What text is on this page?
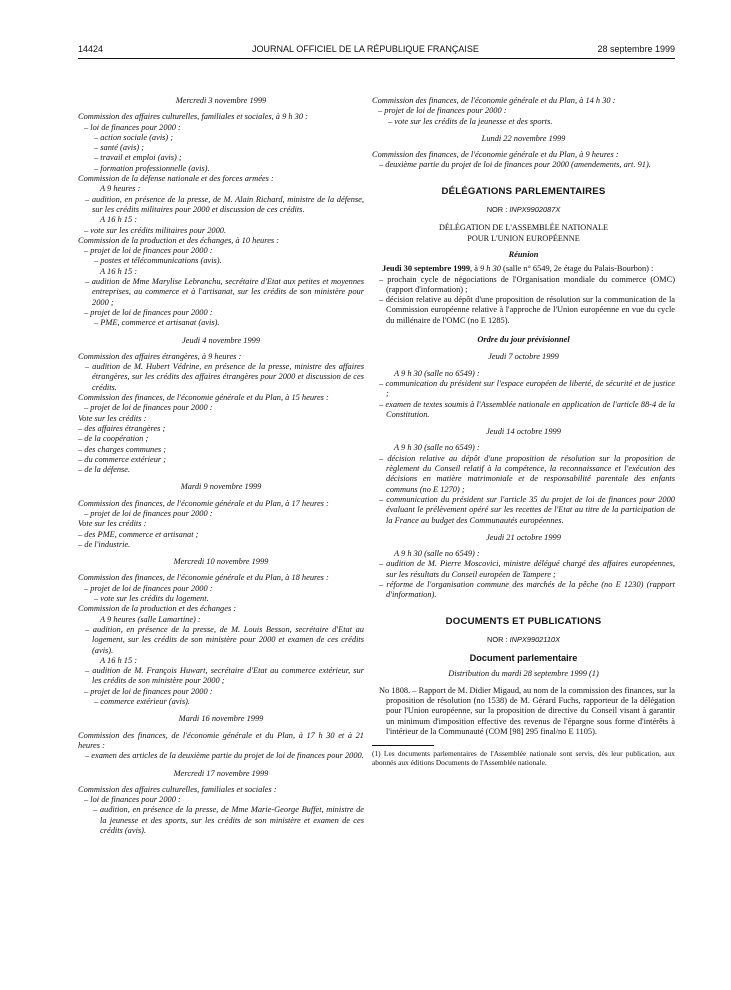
14424	JOURNAL OFFICIEL DE LA RÉPUBLIQUE FRANÇAISE	28 septembre 1999
Mercredi 3 novembre 1999

Commission des affaires culturelles, familiales et sociales, à 9 h 30 :

– loi de finances pour 2000 :

– action sociale (avis) ;

– santé (avis) ;

– travail et emploi (avis) ;

– formation professionnelle (avis).

Commission de la défense nationale et des forces armées :

A 9 heures :

– audition, en présence de la presse, de M. Alain Richard, ministre de la défense, sur les crédits militaires pour 2000 et discussion de ces crédits.

A 16 h 15 :

– vote sur les crédits militaires pour 2000.

Commission de la production et des échanges, à 10 heures :

– projet de loi de finances pour 2000 :

– postes et télécommunications (avis).

A 16 h 15 :

– audition de Mme Marylise Lebranchu, secrétaire d'Etat aux petites et moyennes entreprises, au commerce et à l'artisanat, sur les crédits de son ministère pour 2000 ;

– projet de loi de finances pour 2000 :

– PME, commerce et artisanat (avis).

Jeudi 4 novembre 1999

Commission des affaires étrangères, à 9 heures :

– audition de M. Hubert Védrine, en présence de la presse, ministre des affaires étrangères, sur les crédits des affaires étrangères pour 2000 et discussion de ces crédits.

Commission des finances, de l'économie générale et du Plan, à 15 heures :

– projet de loi de finances pour 2000 :

Vote sur les crédits :

– des affaires étrangères ;

– de la coopération ;

– des charges communes ;

– du commerce extérieur ;

– de la défense.

Mardi 9 novembre 1999

Commission des finances, de l'économie générale et du Plan, à 17 heures :

– projet de loi de finances pour 2000 :

Vote sur les crédits :

– des PME, commerce et artisanat ;

– de l'industrie.

Mercredi 10 novembre 1999

Commission des finances, de l'économie générale et du Plan, à 18 heures :

– projet de loi de finances pour 2000 :

– vote sur les crédits du logement.

Commission de la production et des échanges :

A 9 heures (salle Lamartine) :

– audition, en présence de la presse, de M. Louis Besson, secrétaire d'Etat au logement, sur les crédits de son ministère pour 2000 et examen de ces crédits (avis).

A 16 h 15 :

– audition de M. François Huwart, secrétaire d'Etat au commerce extérieur, sur les crédits de son ministère pour 2000 ;

– projet de loi de finances pour 2000 :

– commerce extérieur (avis).

Mardi 16 novembre 1999

Commission des finances, de l'économie générale et du Plan, à 17 h 30 et à 21 heures :

– examen des articles de la deuxième partie du projet de loi de finances pour 2000.

Mercredi 17 novembre 1999

Commission des affaires culturelles, familiales et sociales :

– loi de finances pour 2000 :

– audition, en présence de la presse, de Mme Marie-George Buffet, ministre de la jeunesse et des sports, sur les crédits de son ministère et examen de ces crédits (avis).

Commission des finances, de l'économie générale et du Plan, à 14 h 30 :

– projet de loi de finances pour 2000 :

– vote sur les crédits de la jeunesse et des sports.

Lundi 22 novembre 1999

Commission des finances, de l'économie générale et du Plan, à 9 heures :

– deuxième partie du projet de loi de finances pour 2000 (amendements, art. 91).

DÉLÉGATIONS PARLEMENTAIRES
NOR : INPX9902087X
DÉLÉGATION DE L'ASSEMBLÉE NATIONALE
POUR L'UNION EUROPÉENNE
Réunion

Jeudi 30 septembre 1999, à 9 h 30 (salle n° 6549, 2e étage du Palais-Bourbon) :

– prochain cycle de négociations de l'Organisation mondiale du commerce (OMC) (rapport d'information) ;

– décision relative au dépôt d'une proposition de résolution sur la communication de la Commission européenne relative à l'approche de l'Union européenne en vue du cycle du millénaire de l'OMC (no E 1285).

Ordre du jour prévisionnel
Jeudi 7 octobre 1999

A 9 h 30 (salle no 6549) :

– communication du président sur l'espace européen de liberté, de sécurité et de justice ;

– examen de textes soumis à l'Assemblée nationale en application de l'article 88-4 de la Constitution.

Jeudi 14 octobre 1999

A 9 h 30 (salle no 6549) :

– décision relative au dépôt d'une proposition de résolution sur la proposition de règlement du Conseil relatif à la compétence, la reconnaissance et l'exécution des décisions en matière matrimoniale et de responsabilité parentale des enfants communs (no E 1270) ;

– communication du président sur l'article 35 du projet de loi de finances pour 2000 évaluant le prélèvement opéré sur les recettes de l'Etat au titre de la participation de la France au budget des Communautés européennes.

Jeudi 21 octobre 1999

A 9 h 30 (salle no 6549) :

– audition de M. Pierre Moscovici, ministre délégué chargé des affaires européennes, sur les résultats du Conseil européen de Tampere ;

– réforme de l'organisation commune des marchés de la pêche (no E 1230) (rapport d'information).

DOCUMENTS ET PUBLICATIONS
NOR : INPX9902110X
Document parlementaire
Distribution du mardi 28 septembre 1999 (1)

No 1808. – Rapport de M. Didier Migaud, au nom de la commission des finances, sur la proposition de résolution (no 1538) de M. Gérard Fuchs, rapporteur de la délégation pour l'Union européenne, sur la proposition de directive du Conseil visant à garantir un minimum d'imposition effective des revenus de l'épargne sous forme d'intérêts à l'intérieur de la Communauté (COM [98] 295 final/no E 1105).

(1) Les documents parlementaires de l'Assemblée nationale sont servis, dès leur publication, aux abonnés aux éditions Documents de l'Assemblée nationale.
